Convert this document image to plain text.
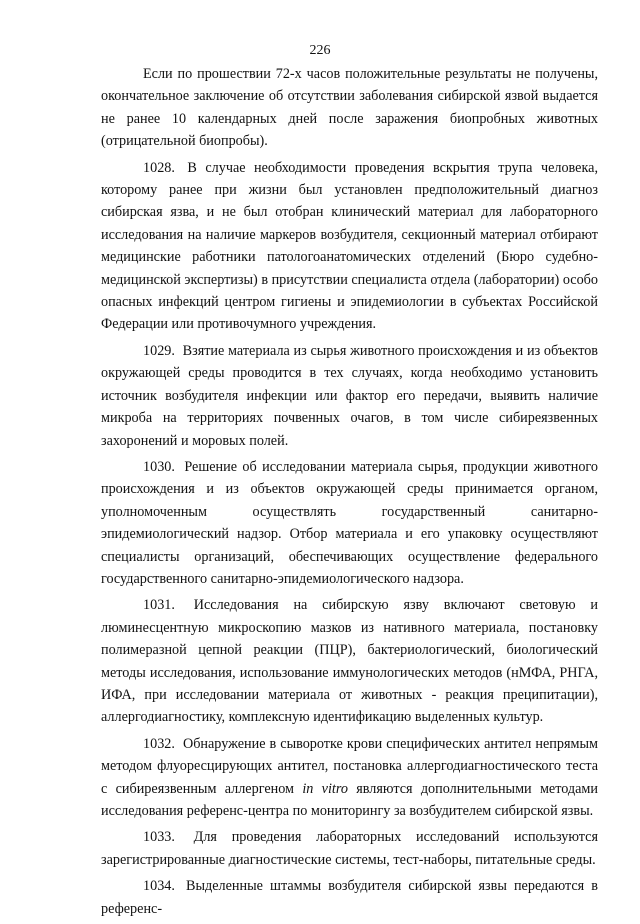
226

Если по прошествии 72-х часов положительные результаты не получены, окончательное заключение об отсутствии заболевания сибирской язвой выдается не ранее 10 календарных дней после заражения биопробных животных (отрицательной биопробы).

1028. В случае необходимости проведения вскрытия трупа человека, которому ранее при жизни был установлен предположительный диагноз сибирская язва, и не был отобран клинический материал для лабораторного исследования на наличие маркеров возбудителя, секционный материал отбирают медицинские работники патологоанатомических отделений (Бюро судебно-медицинской экспертизы) в присутствии специалиста отдела (лаборатории) особо опасных инфекций центром гигиены и эпидемиологии в субъектах Российской Федерации или противочумного учреждения.

1029. Взятие материала из сырья животного происхождения и из объектов окружающей среды проводится в тех случаях, когда необходимо установить источник возбудителя инфекции или фактор его передачи, выявить наличие микроба на территориях почвенных очагов, в том числе сибиреязвенных захоронений и моровых полей.

1030. Решение об исследовании материала сырья, продукции животного происхождения и из объектов окружающей среды принимается органом, уполномоченным осуществлять государственный санитарно-эпидемиологический надзор. Отбор материала и его упаковку осуществляют специалисты организаций, обеспечивающих осуществление федерального государственного санитарно-эпидемиологического надзора.

1031. Исследования на сибирскую язву включают световую и люминесцентную микроскопию мазков из нативного материала, постановку полимеразной цепной реакции (ПЦР), бактериологический, биологический методы исследования, использование иммунологических методов (нМФА, РНГА, ИФА, при исследовании материала от животных - реакция преципитации), аллергодиагностику, комплексную идентификацию выделенных культур.

1032. Обнаружение в сыворотке крови специфических антител непрямым методом флуоресцирующих антител, постановка аллергодиагностического теста с сибиреязвенным аллергеном in vitro являются дополнительными методами исследования референс-центра по мониторингу за возбудителем сибирской язвы.

1033. Для проведения лабораторных исследований используются зарегистрированные диагностические системы, тест-наборы, питательные среды.

1034. Выделенные штаммы возбудителя сибирской язвы передаются в референс-
